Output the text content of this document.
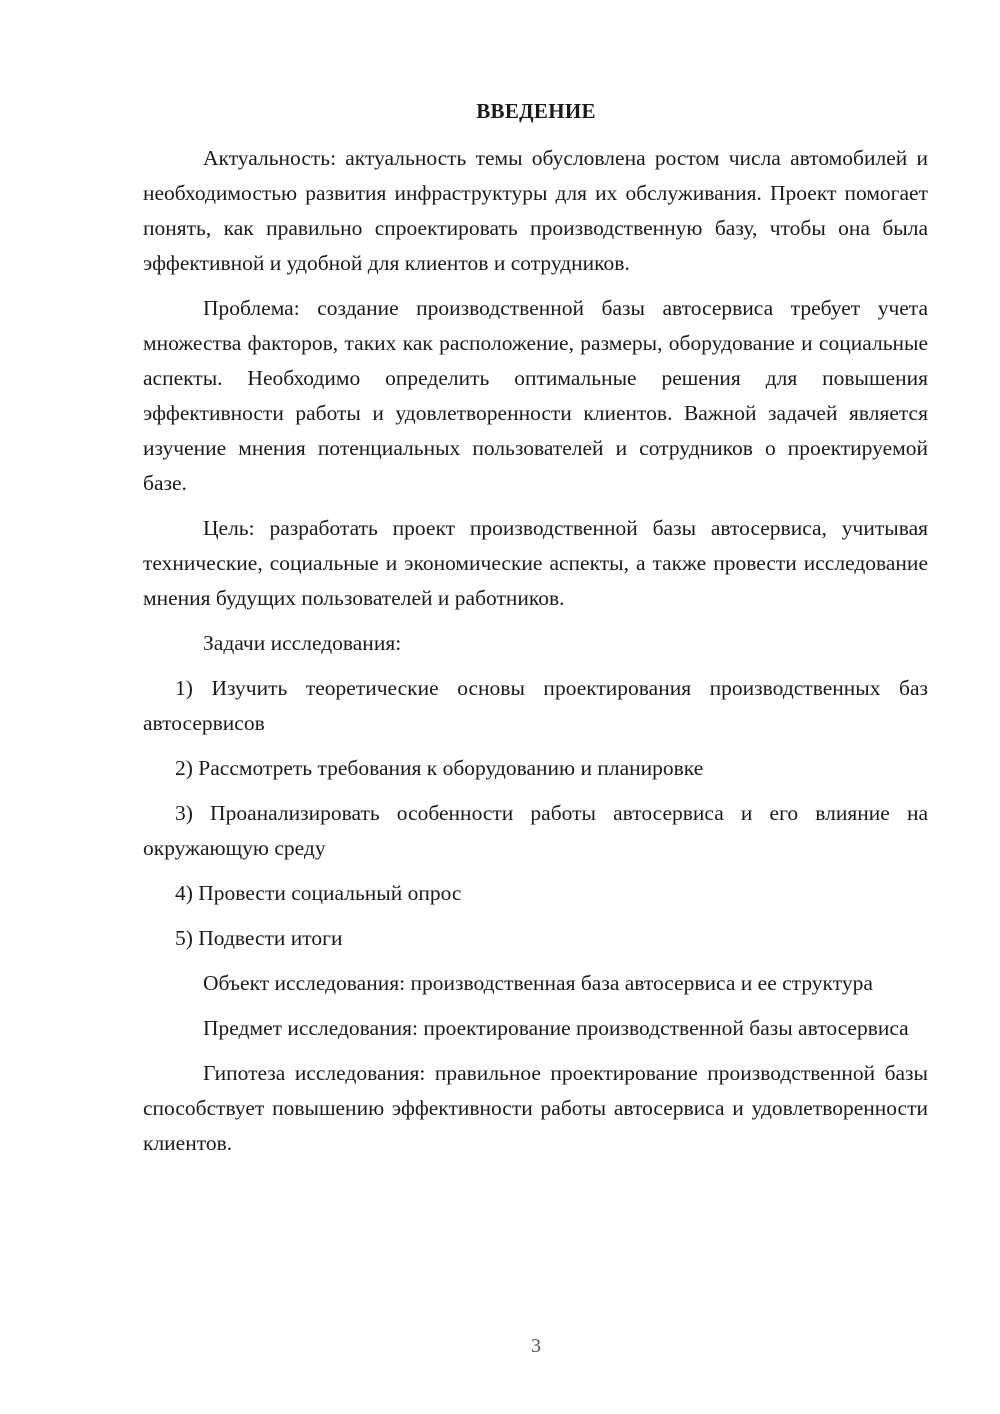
ВВЕДЕНИЕ

Актуальность: актуальность темы обусловлена ростом числа автомобилей и необходимостью развития инфраструктуры для их обслуживания. Проект помогает понять, как правильно спроектировать производственную базу, чтобы она была эффективной и удобной для клиентов и сотрудников.

Проблема: создание производственной базы автосервиса требует учета множества факторов, таких как расположение, размеры, оборудование и социальные аспекты. Необходимо определить оптимальные решения для повышения эффективности работы и удовлетворенности клиентов. Важной задачей является изучение мнения потенциальных пользователей и сотрудников о проектируемой базе.

Цель: разработать проект производственной базы автосервиса, учитывая технические, социальные и экономические аспекты, а также провести исследование мнения будущих пользователей и работников.

Задачи исследования:

1) Изучить теоретические основы проектирования производственных баз автосервисов

2) Рассмотреть требования к оборудованию и планировке

3) Проанализировать особенности работы автосервиса и его влияние на окружающую среду

4) Провести социальный опрос

5) Подвести итоги

Объект исследования: производственная база автосервиса и ее структура

Предмет исследования: проектирование производственной базы автосервиса

Гипотеза исследования: правильное проектирование производственной базы способствует повышению эффективности работы автосервиса и удовлетворенности клиентов.

3
